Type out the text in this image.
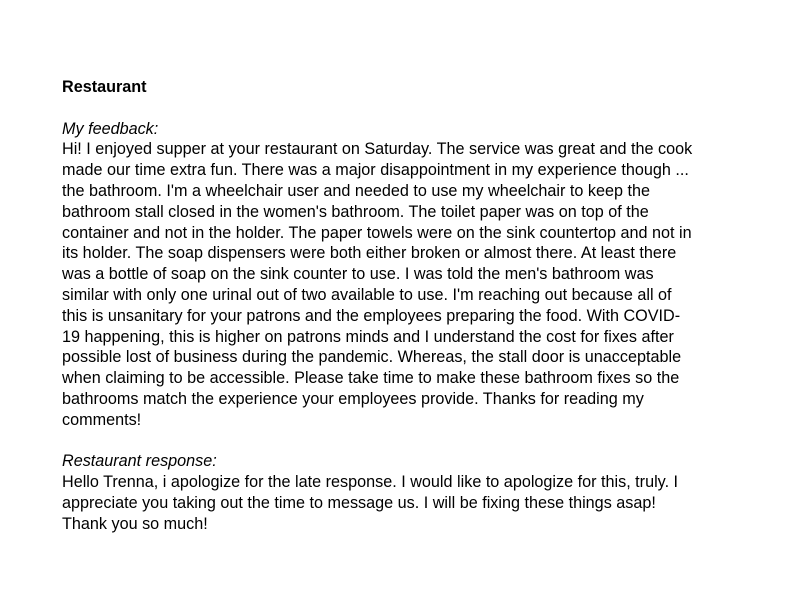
Restaurant

My feedback:

Hi! I enjoyed supper at your restaurant on Saturday. The service was great and the cook
made our time extra fun. There was a major disappointment in my experience though ...
the bathroom. I'm a wheelchair user and needed to use my wheelchair to keep the
bathroom stall closed in the women's bathroom. The toilet paper was on top of the
container and not in the holder. The paper towels were on the sink countertop and not in
its holder. The soap dispensers were both either broken or almost there. At least there
was a bottle of soap on the sink counter to use. I was told the men's bathroom was
similar with only one urinal out of two available to use. I'm reaching out because all of
this is unsanitary for your patrons and the employees preparing the food. With COVID-
19 happening, this is higher on patrons minds and I understand the cost for fixes after
possible lost of business during the pandemic. Whereas, the stall door is unacceptable
when claiming to be accessible. Please take time to make these bathroom fixes so the
bathrooms match the experience your employees provide. Thanks for reading my
comments!

Restaurant response:

Hello Trenna, i apologize for the late response. I would like to apologize for this, truly. I
appreciate you taking out the time to message us. I will be fixing these things asap!
Thank you so much!
